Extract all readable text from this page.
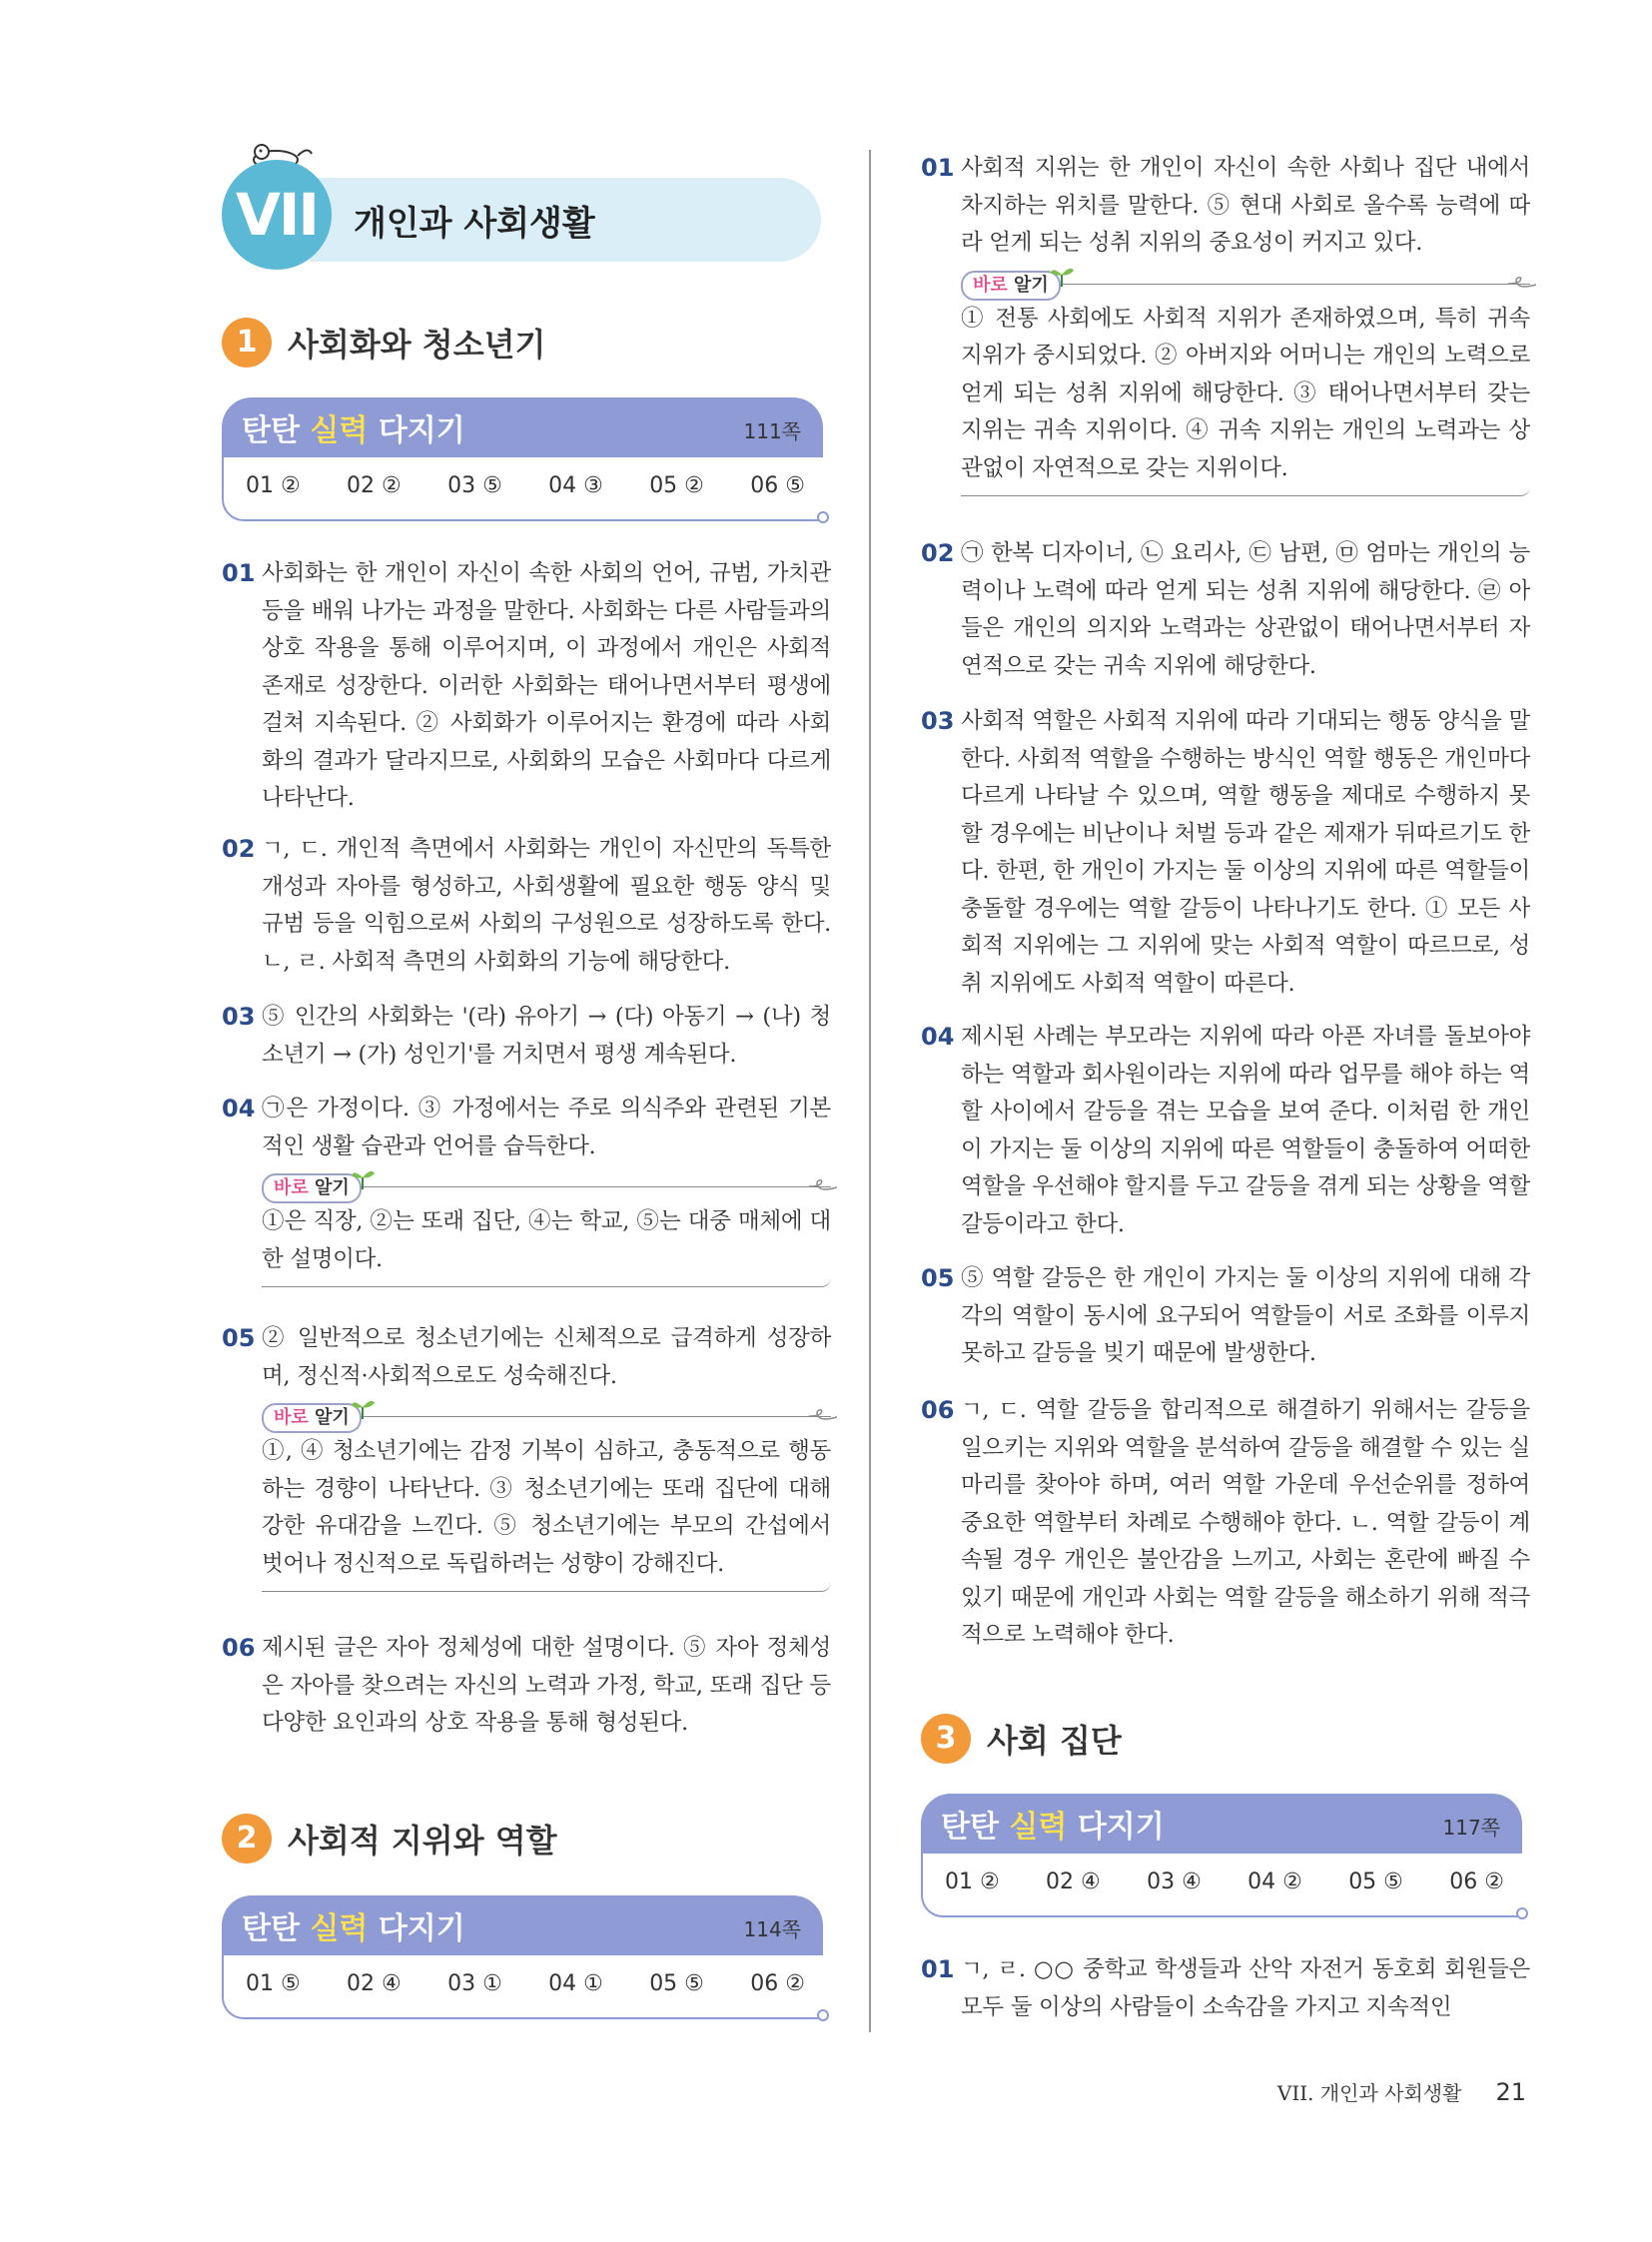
VII	개인과 사회생활
1 사회화와 청소년기
탄탄 실력 다지기	111쪽
01 ② 02 ② 03 ⑤ 04 ③ 05 ② 06 ⑤
01 사회화는 한 개인이 자신이 속한 사회의 언어, 규범, 가치관 등을 배워 나가는 과정을 말한다. 사회화는 다른 사람들과의 상호 작용을 통해 이루어지며, 이 과정에서 개인은 사회적 존재로 성장한다. 이러한 사회화는 태어나면서부터 평생에 걸쳐 지속된다. ② 사회화가 이루어지는 환경에 따라 사회화의 결과가 달라지므로, 사회화의 모습은 사회마다 다르게 나타난다.
02 ㄱ, ㄷ. 개인적 측면에서 사회화는 개인이 자신만의 독특한 개성과 자아를 형성하고, 사회생활에 필요한 행동 양식 및 규범 등을 익힘으로써 사회의 구성원으로 성장하도록 한다. ㄴ, ㄹ. 사회적 측면의 사회화의 기능에 해당한다.
03 ⑤ 인간의 사회화는 '(라) 유아기 → (다) 아동기 → (나) 청소년기 → (가) 성인기'를 거치면서 평생 계속된다.
04 ㉠은 가정이다. ③ 가정에서는 주로 의식주와 관련된 기본적인 생활 습관과 언어를 습득한다.
바로 알기
①은 직장, ②는 또래 집단, ④는 학교, ⑤는 대중 매체에 대한 설명이다.
05 ② 일반적으로 청소년기에는 신체적으로 급격하게 성장하며, 정신적·사회적으로도 성숙해진다.
바로 알기
①, ④ 청소년기에는 감정 기복이 심하고, 충동적으로 행동하는 경향이 나타난다. ③ 청소년기에는 또래 집단에 대해 강한 유대감을 느낀다. ⑤ 청소년기에는 부모의 간섭에서 벗어나 정신적으로 독립하려는 성향이 강해진다.
06 제시된 글은 자아 정체성에 대한 설명이다. ⑤ 자아 정체성은 자아를 찾으려는 자신의 노력과 가정, 학교, 또래 집단 등 다양한 요인과의 상호 작용을 통해 형성된다.
2 사회적 지위와 역할
탄탄 실력 다지기	114쪽
01 ⑤ 02 ④ 03 ① 04 ① 05 ⑤ 06 ②
01 사회적 지위는 한 개인이 자신이 속한 사회나 집단 내에서 차지하는 위치를 말한다. ⑤ 현대 사회로 올수록 능력에 따라 얻게 되는 성취 지위의 중요성이 커지고 있다.
바로 알기
① 전통 사회에도 사회적 지위가 존재하였으며, 특히 귀속 지위가 중시되었다. ② 아버지와 어머니는 개인의 노력으로 얻게 되는 성취 지위에 해당한다. ③ 태어나면서부터 갖는 지위는 귀속 지위이다. ④ 귀속 지위는 개인의 노력과는 상관없이 자연적으로 갖는 지위이다.
02 ㉠ 한복 디자이너, ㉡ 요리사, ㉢ 남편, ㉤ 엄마는 개인의 능력이나 노력에 따라 얻게 되는 성취 지위에 해당한다. ㉣ 아들은 개인의 의지와 노력과는 상관없이 태어나면서부터 자연적으로 갖는 귀속 지위에 해당한다.
03 사회적 역할은 사회적 지위에 따라 기대되는 행동 양식을 말한다. 사회적 역할을 수행하는 방식인 역할 행동은 개인마다 다르게 나타날 수 있으며, 역할 행동을 제대로 수행하지 못할 경우에는 비난이나 처벌 등과 같은 제재가 뒤따르기도 한다. 한편, 한 개인이 가지는 둘 이상의 지위에 따른 역할들이 충돌할 경우에는 역할 갈등이 나타나기도 한다. ① 모든 사회적 지위에는 그 지위에 맞는 사회적 역할이 따르므로, 성취 지위에도 사회적 역할이 따른다.
04 제시된 사례는 부모라는 지위에 따라 아픈 자녀를 돌보아야 하는 역할과 회사원이라는 지위에 따라 업무를 해야 하는 역할 사이에서 갈등을 겪는 모습을 보여 준다. 이처럼 한 개인이 가지는 둘 이상의 지위에 따른 역할들이 충돌하여 어떠한 역할을 우선해야 할지를 두고 갈등을 겪게 되는 상황을 역할 갈등이라고 한다.
05 ⑤ 역할 갈등은 한 개인이 가지는 둘 이상의 지위에 대해 각각의 역할이 동시에 요구되어 역할들이 서로 조화를 이루지 못하고 갈등을 빚기 때문에 발생한다.
06 ㄱ, ㄷ. 역할 갈등을 합리적으로 해결하기 위해서는 갈등을 일으키는 지위와 역할을 분석하여 갈등을 해결할 수 있는 실마리를 찾아야 하며, 여러 역할 가운데 우선순위를 정하여 중요한 역할부터 차례로 수행해야 한다. ㄴ. 역할 갈등이 계속될 경우 개인은 불안감을 느끼고, 사회는 혼란에 빠질 수 있기 때문에 개인과 사회는 역할 갈등을 해소하기 위해 적극적으로 노력해야 한다.
3 사회 집단
탄탄 실력 다지기	117쪽
01 ② 02 ④ 03 ④ 04 ② 05 ⑤ 06 ②
01 ㄱ, ㄹ. ○○ 중학교 학생들과 산악 자전거 동호회 회원들은 모두 둘 이상의 사람들이 소속감을 가지고 지속적인
VII. 개인과 사회생활 21
